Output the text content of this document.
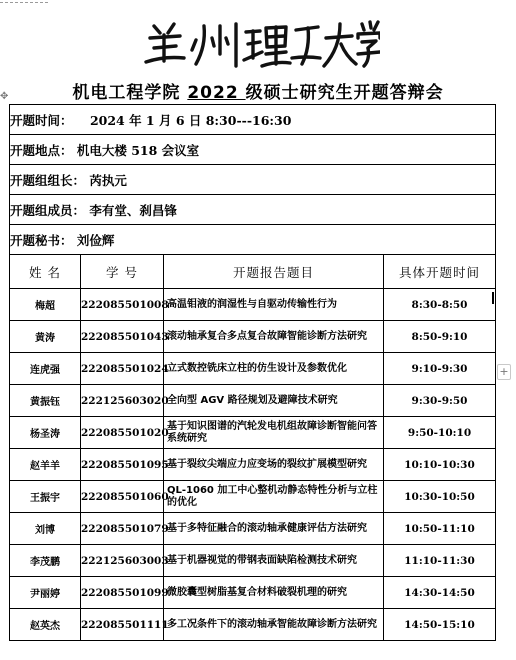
机电工程学院 2022 级硕士研究生开题答辩会
✥
+
开题时间： 2024 年 1 月 6 日 8:30---16:30			
开题地点： 机电大楼 518 会议室			
开题组组长： 芮执元			
开题组成员： 李有堂、刹昌锋			
开题秘书： 刘俭辉			
姓 名	学 号	开题报告题目	具体开题时间
梅超	222085501008	高温钼液的润湿性与自驱动传输性行为	8:30-8:50
黄涛	222085501043	滚动轴承复合多点复合故障智能诊断方法研究	8:50-9:10
连虎强	222085501024	立式数控铣床立柱的仿生设计及参数优化	9:10-9:30
黄振钰	222125603020	全向型 AGV 路径规划及避障技术研究	9:30-9:50
杨圣涛	222085501020	基于知识图谱的汽轮发电机组故障诊断智能问答系统研究	9:50-10:10
赵羊羊	222085501095	基于裂纹尖端应力应变场的裂纹扩展模型研究	10:10-10:30
王振宇	222085501060	QL-1060 加工中心整机动静态特性分析与立柱的优化	10:30-10:50
刘博	222085501079	基于多特征融合的滚动轴承健康评估方法研究	10:50-11:10
李茂鹏	222125603003	基于机器视觉的带钢表面缺陷检测技术研究	11:10-11:30
尹丽婷	222085501099	微胶囊型树脂基复合材料破裂机理的研究	14:30-14:50
赵英杰	222085501111	多工况条件下的滚动轴承智能故障诊断方法研究	14:50-15:10
